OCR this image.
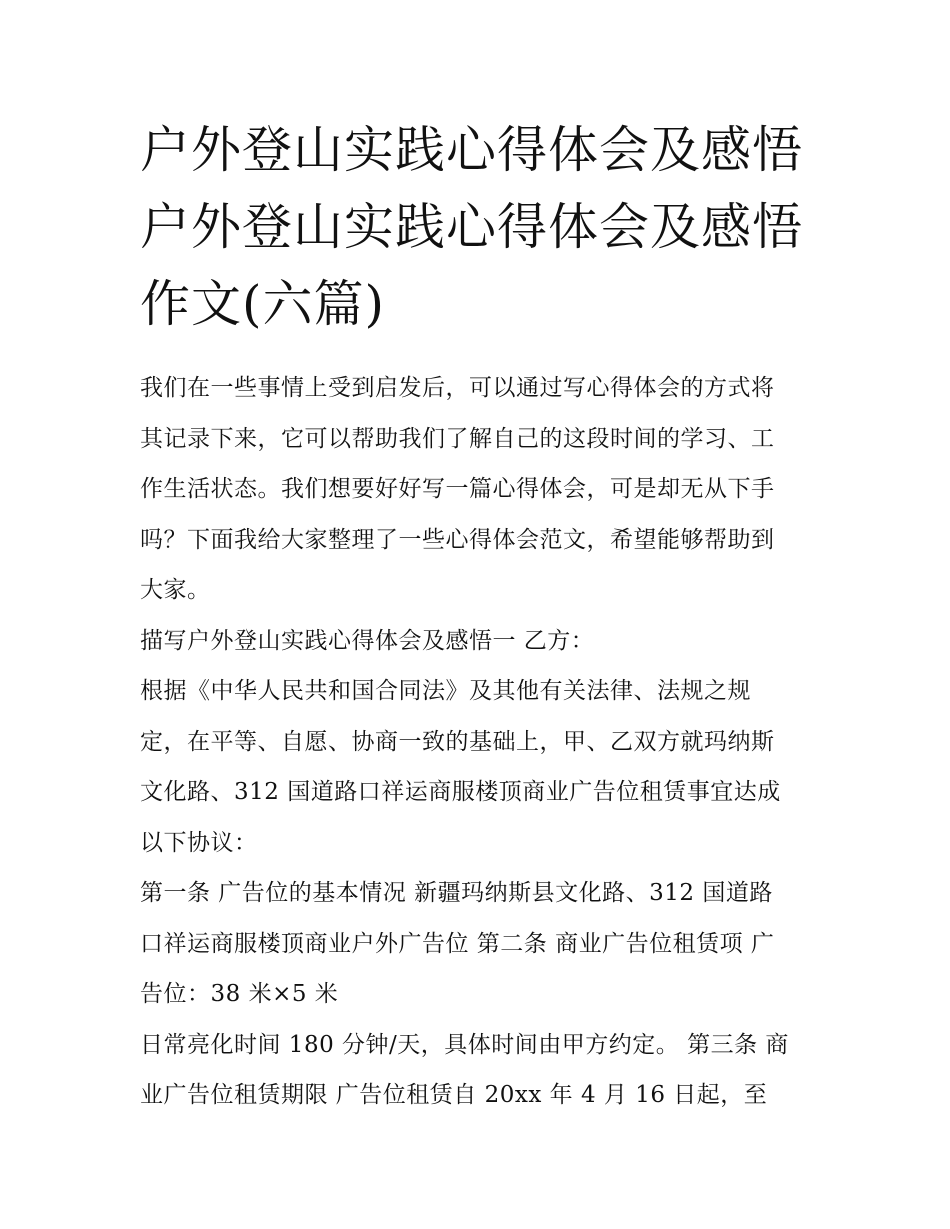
户外登山实践心得体会及感悟
户外登山实践心得体会及感悟
作文(六篇)

我们在一些事情上受到启发后，可以通过写心得体会的方式将
其记录下来，它可以帮助我们了解自己的这段时间的学习、工
作生活状态。我们想要好好写一篇心得体会，可是却无从下手
吗？下面我给大家整理了一些心得体会范文，希望能够帮助到
大家。

描写户外登山实践心得体会及感悟一 乙方：

根据《中华人民共和国合同法》及其他有关法律、法规之规
定，在平等、自愿、协商一致的基础上，甲、乙双方就玛纳斯
文化路、312 国道路口祥运商服楼顶商业广告位租赁事宜达成
以下协议：

第一条 广告位的基本情况 新疆玛纳斯县文化路、312 国道路
口祥运商服楼顶商业户外广告位 第二条 商业广告位租赁项 广
告位：38 米×5 米

日常亮化时间 180 分钟/天，具体时间由甲方约定。 第三条 商
业广告位租赁期限 广告位租赁自 20xx 年 4 月 16 日起，至
